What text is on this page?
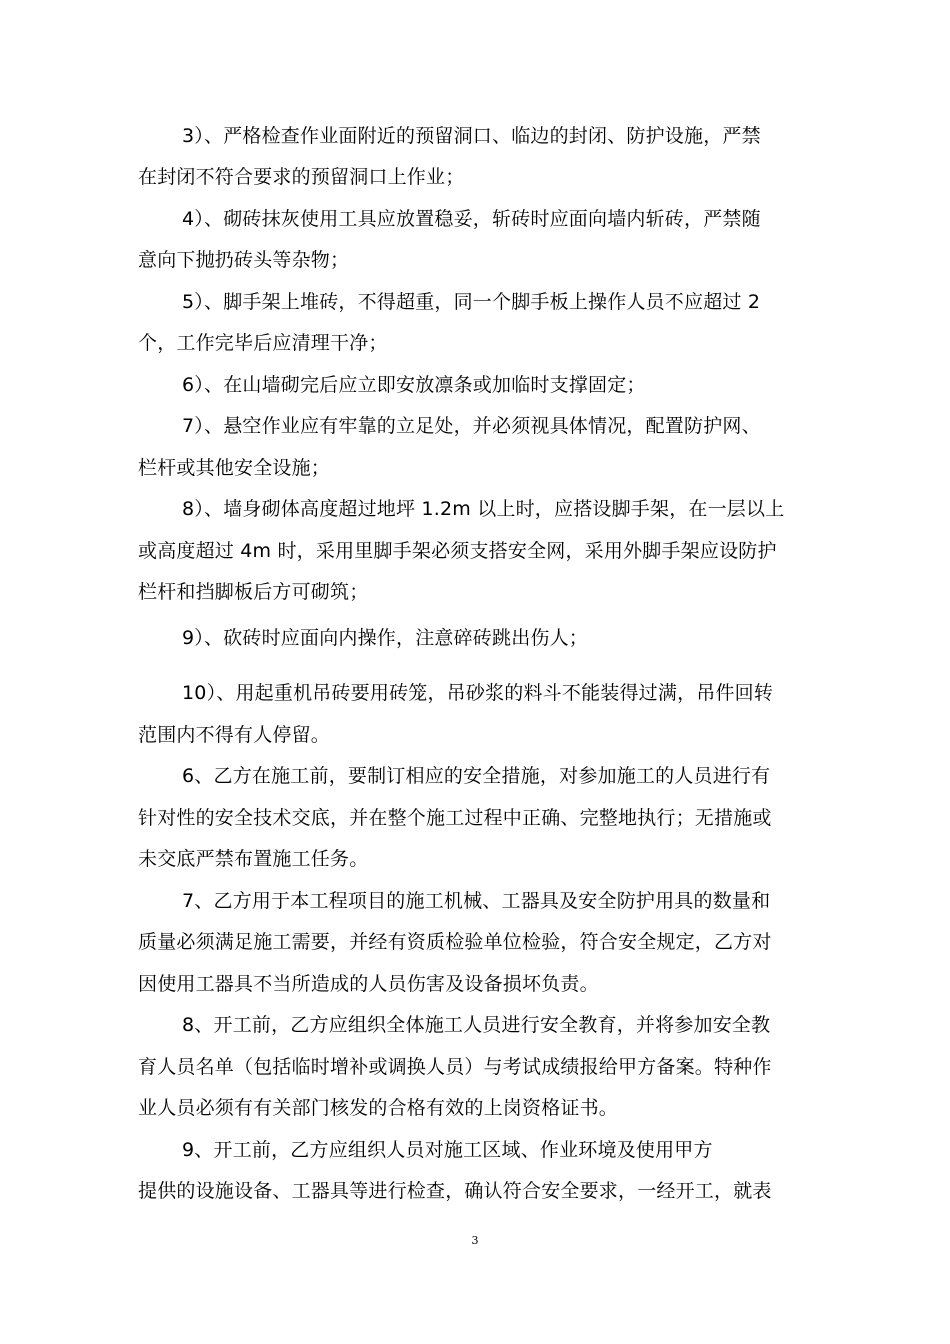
3）、严格检查作业面附近的预留洞口、临边的封闭、防护设施，严禁
在封闭不符合要求的预留洞口上作业；
4）、砌砖抹灰使用工具应放置稳妥，斩砖时应面向墙内斩砖，严禁随
意向下抛扔砖头等杂物；
5）、脚手架上堆砖，不得超重，同一个脚手板上操作人员不应超过 2
个，工作完毕后应清理干净；
6）、在山墙砌完后应立即安放凛条或加临时支撑固定；
7）、悬空作业应有牢靠的立足处，并必须视具体情况，配置防护网、
栏杆或其他安全设施；
8）、墙身砌体高度超过地坪 1.2m 以上时，应搭设脚手架，在一层以上
或高度超过 4m 时，采用里脚手架必须支搭安全网，采用外脚手架应设防护
栏杆和挡脚板后方可砌筑；
9）、砍砖时应面向内操作，注意碎砖跳出伤人；
10）、用起重机吊砖要用砖笼，吊砂浆的料斗不能装得过满，吊件回转
范围内不得有人停留。
6、乙方在施工前，要制订相应的安全措施，对参加施工的人员进行有
针对性的安全技术交底，并在整个施工过程中正确、完整地执行；无措施或
未交底严禁布置施工任务。
7、乙方用于本工程项目的施工机械、工器具及安全防护用具的数量和
质量必须满足施工需要，并经有资质检验单位检验，符合安全规定，乙方对
因使用工器具不当所造成的人员伤害及设备损坏负责。
8、开工前，乙方应组织全体施工人员进行安全教育，并将参加安全教
育人员名单（包括临时增补或调换人员）与考试成绩报给甲方备案。特种作
业人员必须有有关部门核发的合格有效的上岗资格证书。
9、开工前，乙方应组织人员对施工区域、作业环境及使用甲方
提供的设施设备、工器具等进行检查，确认符合安全要求，一经开工，就表
3
